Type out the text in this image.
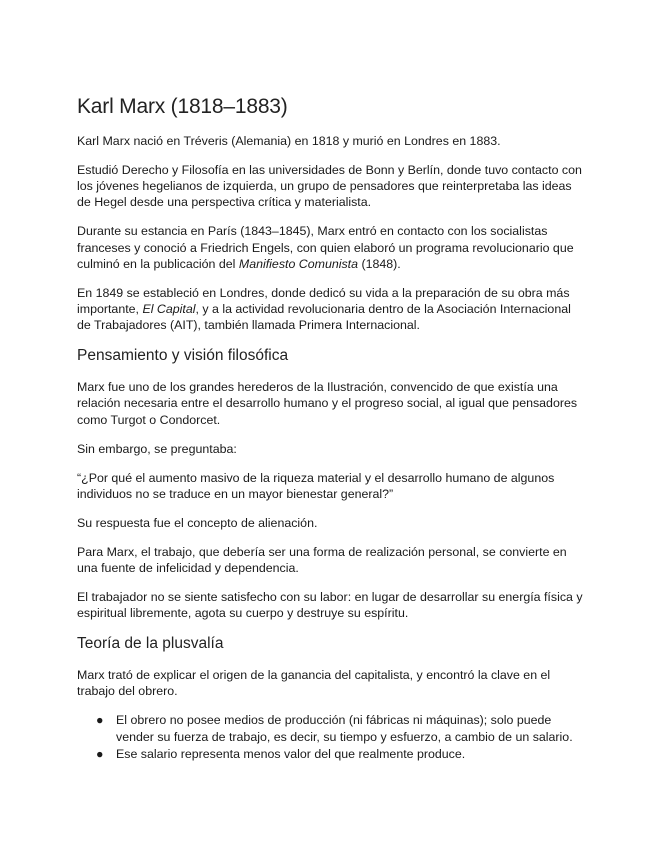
Karl Marx (1818–1883)

Karl Marx nació en Tréveris (Alemania) en 1818 y murió en Londres en 1883.

Estudió Derecho y Filosofía en las universidades de Bonn y Berlín, donde tuvo contacto con los jóvenes hegelianos de izquierda, un grupo de pensadores que reinterpretaba las ideas de Hegel desde una perspectiva crítica y materialista.

Durante su estancia en París (1843–1845), Marx entró en contacto con los socialistas franceses y conoció a Friedrich Engels, con quien elaboró un programa revolucionario que culminó en la publicación del Manifiesto Comunista (1848).

En 1849 se estableció en Londres, donde dedicó su vida a la preparación de su obra más importante, El Capital, y a la actividad revolucionaria dentro de la Asociación Internacional de Trabajadores (AIT), también llamada Primera Internacional.

Pensamiento y visión filosófica

Marx fue uno de los grandes herederos de la Ilustración, convencido de que existía una relación necesaria entre el desarrollo humano y el progreso social, al igual que pensadores como Turgot o Condorcet.

Sin embargo, se preguntaba:

“¿Por qué el aumento masivo de la riqueza material y el desarrollo humano de algunos individuos no se traduce en un mayor bienestar general?”

Su respuesta fue el concepto de alienación.

Para Marx, el trabajo, que debería ser una forma de realización personal, se convierte en una fuente de infelicidad y dependencia.

El trabajador no se siente satisfecho con su labor: en lugar de desarrollar su energía física y espiritual libremente, agota su cuerpo y destruye su espíritu.

Teoría de la plusvalía

Marx trató de explicar el origen de la ganancia del capitalista, y encontró la clave en el trabajo del obrero.

● El obrero no posee medios de producción (ni fábricas ni máquinas); solo puede vender su fuerza de trabajo, es decir, su tiempo y esfuerzo, a cambio de un salario.
● Ese salario representa menos valor del que realmente produce.
